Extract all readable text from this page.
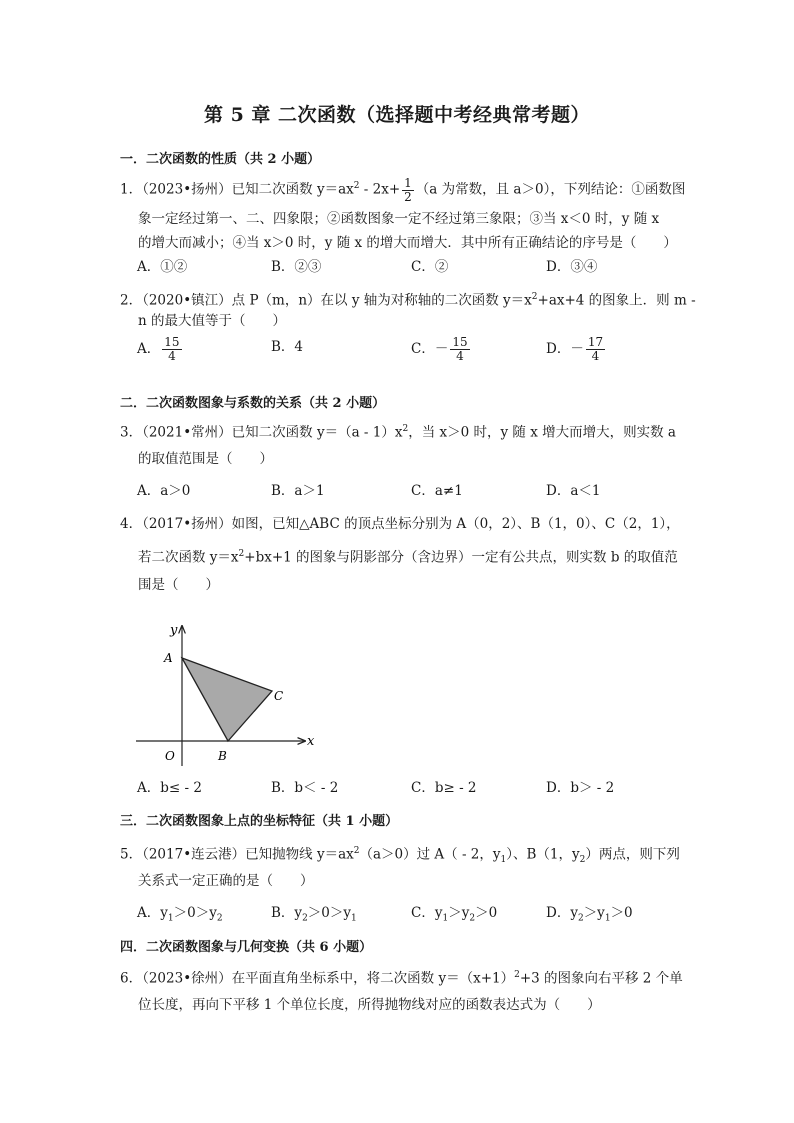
第 5 章 二次函数（选择题中考经典常考题）
一．二次函数的性质（共 2 小题）
1．（2023•扬州）已知二次函数 $y=ax^2 - 2x+ \frac{1}{2} (a$ 为常数，且 a＞0），下列结论：①函数图
象一定经过第一、二、四象限；②函数图象一定不经过第三象限；③当 x＜0 时，y 随 x
的增大而减小；④当 x＞0 时，y 随 x 的增大而增大．其中所有正确结论的序号是（　　）
A．①②	B．②③	C．②	D．③④
2．（2020•镇江）点 P（m，n）在以 y 轴为对称轴的二次函数 $y=x^2+ax+4$ 的图象上．则 m -
n 的最大值等于（　　）
A． $\frac{15}{4}$	B．4	C．－ $\frac{15}{4}$	D．－ $\frac{17}{4}$
二．二次函数图象与系数的关系（共 2 小题）
3．（2021•常州）已知二次函数 $y=(a - 1)x^2$，当 x＞0 时，y 随 x 增大而增大，则实数 a
的取值范围是（　　）
A．a＞0	B．a＞1	C．a≠1	D．a＜1
4．（2017•扬州）如图，已知△ABC 的顶点坐标分别为 A（0，2）、B（1，0）、C（2，1），
若二次函数 $y=x^2+bx+1$ 的图象与阴影部分（含边界）一定有公共点，则实数 b 的取值范
围是（　　）
y
x
O
A
B
C
A．b≤ - 2	B．b＜ - 2	C．b≥ - 2	D．b＞ - 2
三．二次函数图象上点的坐标特征（共 1 小题）
5．（2017•连云港）已知抛物线 $y=ax^2(a>0)$过 A（ - 2，$y_1$）、B（1，$y_2$）两点，则下列
关系式一定正确的是（　　）
A．$y_1>0>y_2$	B．$y_2>0>y_1$	C．$y_1>y_2>0$	D．$y_2>y_1>0$
四．二次函数图象与几何变换（共 6 小题）
6．（2023•徐州）在平面直角坐标系中，将二次函数 $y=(x+1)^2+3$ 的图象向右平移 2 个单
位长度，再向下平移 1 个单位长度，所得抛物线对应的函数表达式为（　　）
